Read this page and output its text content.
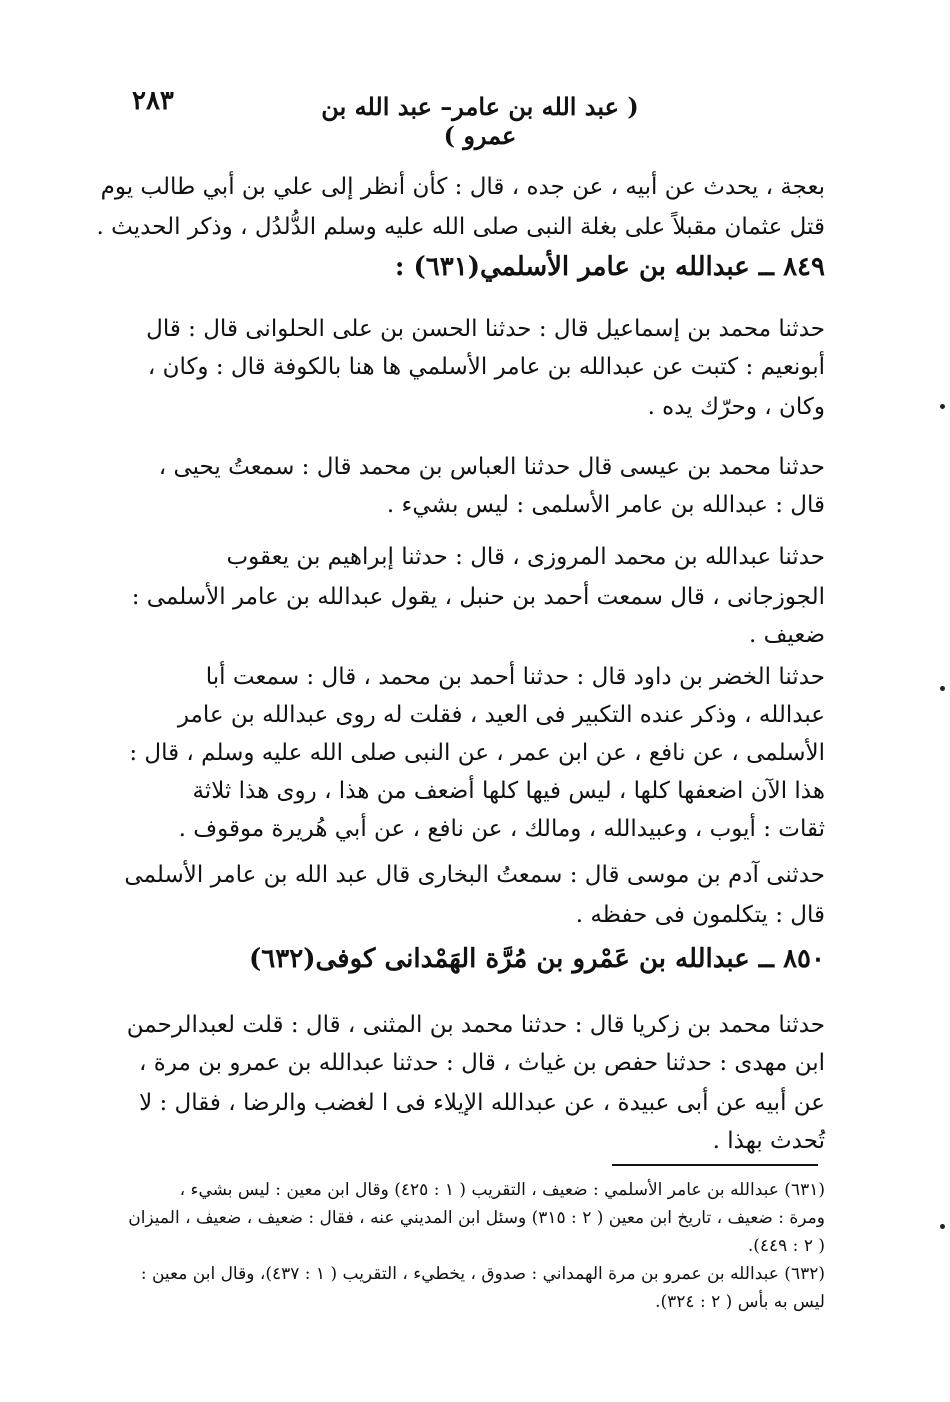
٢٨٣	( عبد الله بن عامر– عبد الله بن عمرو )
بعجة ، يحدث عن أبيه ، عن جده ، قال : كأن أنظر إلى علي بن أبي طالب يوم
قتل عثمان مقبلاً على بغلة النبى صلى الله عليه وسلم الدُّلدُل ، وذكر الحديث .
٨٤٩ ــ عبدالله بن عامر الأسلمي(٦٣١) :
حدثنا محمد بن إسماعيل قال : حدثنا الحسن بن على الحلوانى قال : قال
أبونعيم : كتبت عن عبدالله بن عامر الأسلمي ها هنا بالكوفة قال : وكان ،
وكان ، وحرّك يده .
حدثنا محمد بن عيسى قال حدثنا العباس بن محمد قال : سمعتُ يحيى ،
قال : عبدالله بن عامر الأسلمى : ليس بشيء .
حدثنا عبدالله بن محمد المروزى ، قال : حدثنا إبراهيم بن يعقوب
الجوزجانى ، قال سمعت أحمد بن حنبل ، يقول عبدالله بن عامر الأسلمى :
ضعيف .
حدثنا الخضر بن داود قال : حدثنا أحمد بن محمد ، قال : سمعت أبا
عبدالله ، وذكر عنده التكبير فى العيد ، فقلت له روى عبدالله بن عامر
الأسلمى ، عن نافع ، عن ابن عمر ، عن النبى صلى الله عليه وسلم ، قال :
هذا الآن اضعفها كلها ، ليس فيها كلها أضعف من هذا ، روى هذا ثلاثة
ثقات : أيوب ، وعبيدالله ، ومالك ، عن نافع ، عن أبي هُريرة موقوف .
حدثنى آدم بن موسى قال : سمعتُ البخارى قال عبد الله بن عامر الأسلمى
قال : يتكلمون فى حفظه .
٨٥٠ ــ عبدالله بن عَمْرو بن مُرَّة الهَمْدانى كوفى(٦٣٢)
حدثنا محمد بن زكريا قال : حدثنا محمد بن المثنى ، قال : قلت لعبدالرحمن
ابن مهدى : حدثنا حفص بن غياث ، قال : حدثنا عبدالله بن عمرو بن مرة ،
عن أبيه عن أبى عبيدة ، عن عبدالله الإيلاء فى ا لغضب والرضا ، فقال : لا
تُحدث بهذا .
(٦٣١) عبدالله بن عامر الأسلمي : ضعيف ، التقريب ( ١ : ٤٢٥) وقال ابن معين : ليس بشيء ،
ومرة : ضعيف ، تاريخ ابن معين ( ٢ : ٣١٥) وسئل ابن المديني عنه ، فقال : ضعيف ، ضعيف ، الميزان
( ٢ : ٤٤٩).
(٦٣٢) عبدالله بن عمرو بن مرة الهمداني : صدوق ، يخطيء ، التقريب ( ١ : ٤٣٧)، وقال ابن معين :
ليس به بأس ( ٢ : ٣٢٤).
